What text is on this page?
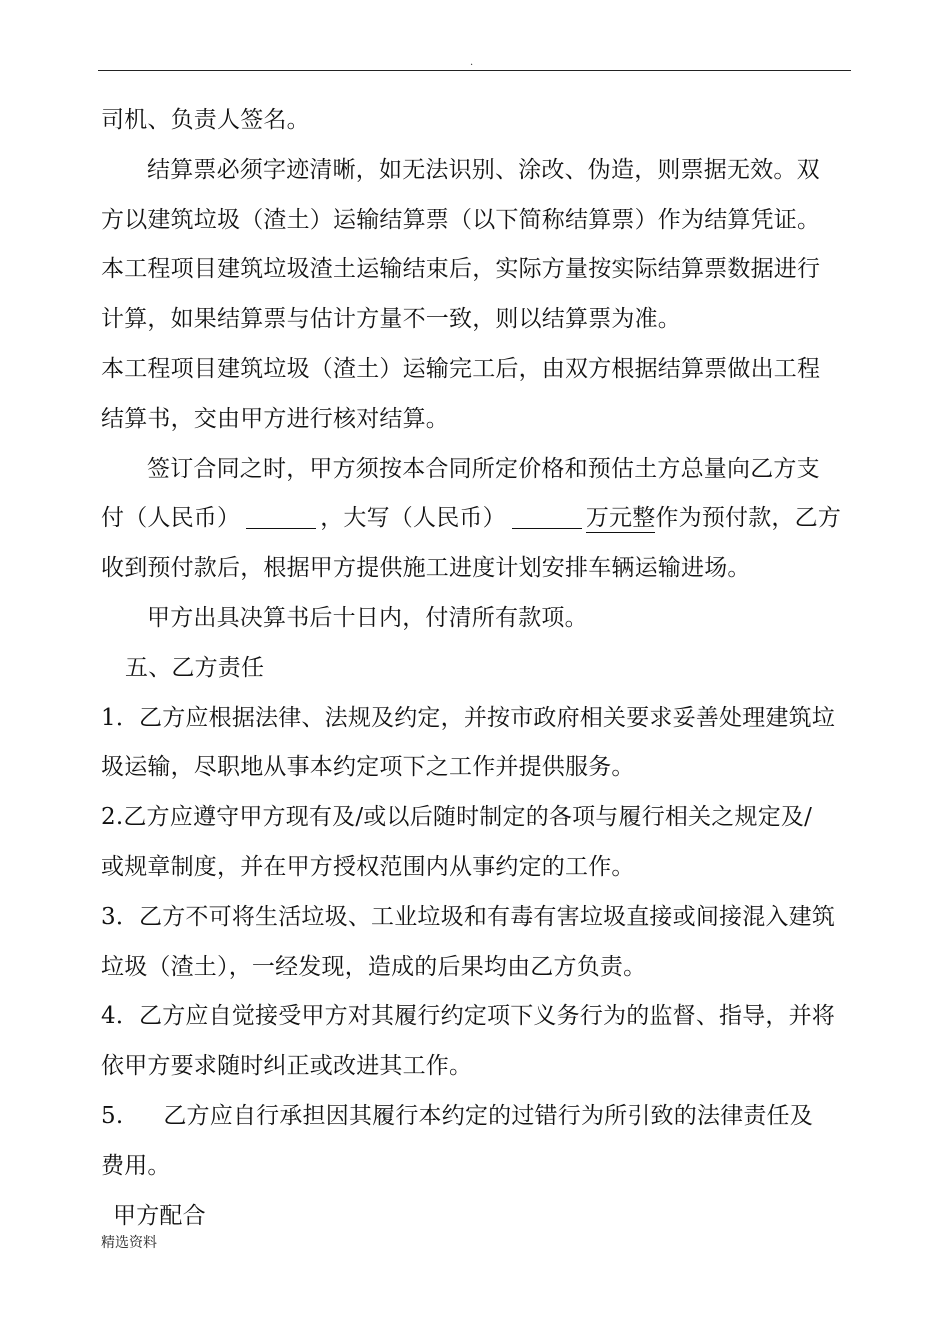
.
司机、负责人签名。
结算票必须字迹清晰，如无法识别、涂改、伪造，则票据无效。双
方以建筑垃圾（渣土）运输结算票（以下简称结算票）作为结算凭证。
本工程项目建筑垃圾渣土运输结束后，实际方量按实际结算票数据进行
计算，如果结算票与估计方量不一致，则以结算票为准。
本工程项目建筑垃圾（渣土）运输完工后，由双方根据结算票做出工程
结算书，交由甲方进行核对结算。
签订合同之时，甲方须按本合同所定价格和预估土方总量向乙方支
付（人民币）	，大写（人民币）	万元整作为预付款，乙方
收到预付款后，根据甲方提供施工进度计划安排车辆运输进场。
甲方出具决算书后十日内，付清所有款项。
五、乙方责任
1．乙方应根据法律、法规及约定，并按市政府相关要求妥善处理建筑垃
圾运输，尽职地从事本约定项下之工作并提供服务。
2.乙方应遵守甲方现有及/或以后随时制定的各项与履行相关之规定及/
或规章制度，并在甲方授权范围内从事约定的工作。
3．乙方不可将生活垃圾、工业垃圾和有毒有害垃圾直接或间接混入建筑
垃圾（渣土），一经发现，造成的后果均由乙方负责。
4．乙方应自觉接受甲方对其履行约定项下义务行为的监督、指导，并将
依甲方要求随时纠正或改进其工作。
5. 乙方应自行承担因其履行本约定的过错行为所引致的法律责任及
费用。
甲方配合
精选资料
